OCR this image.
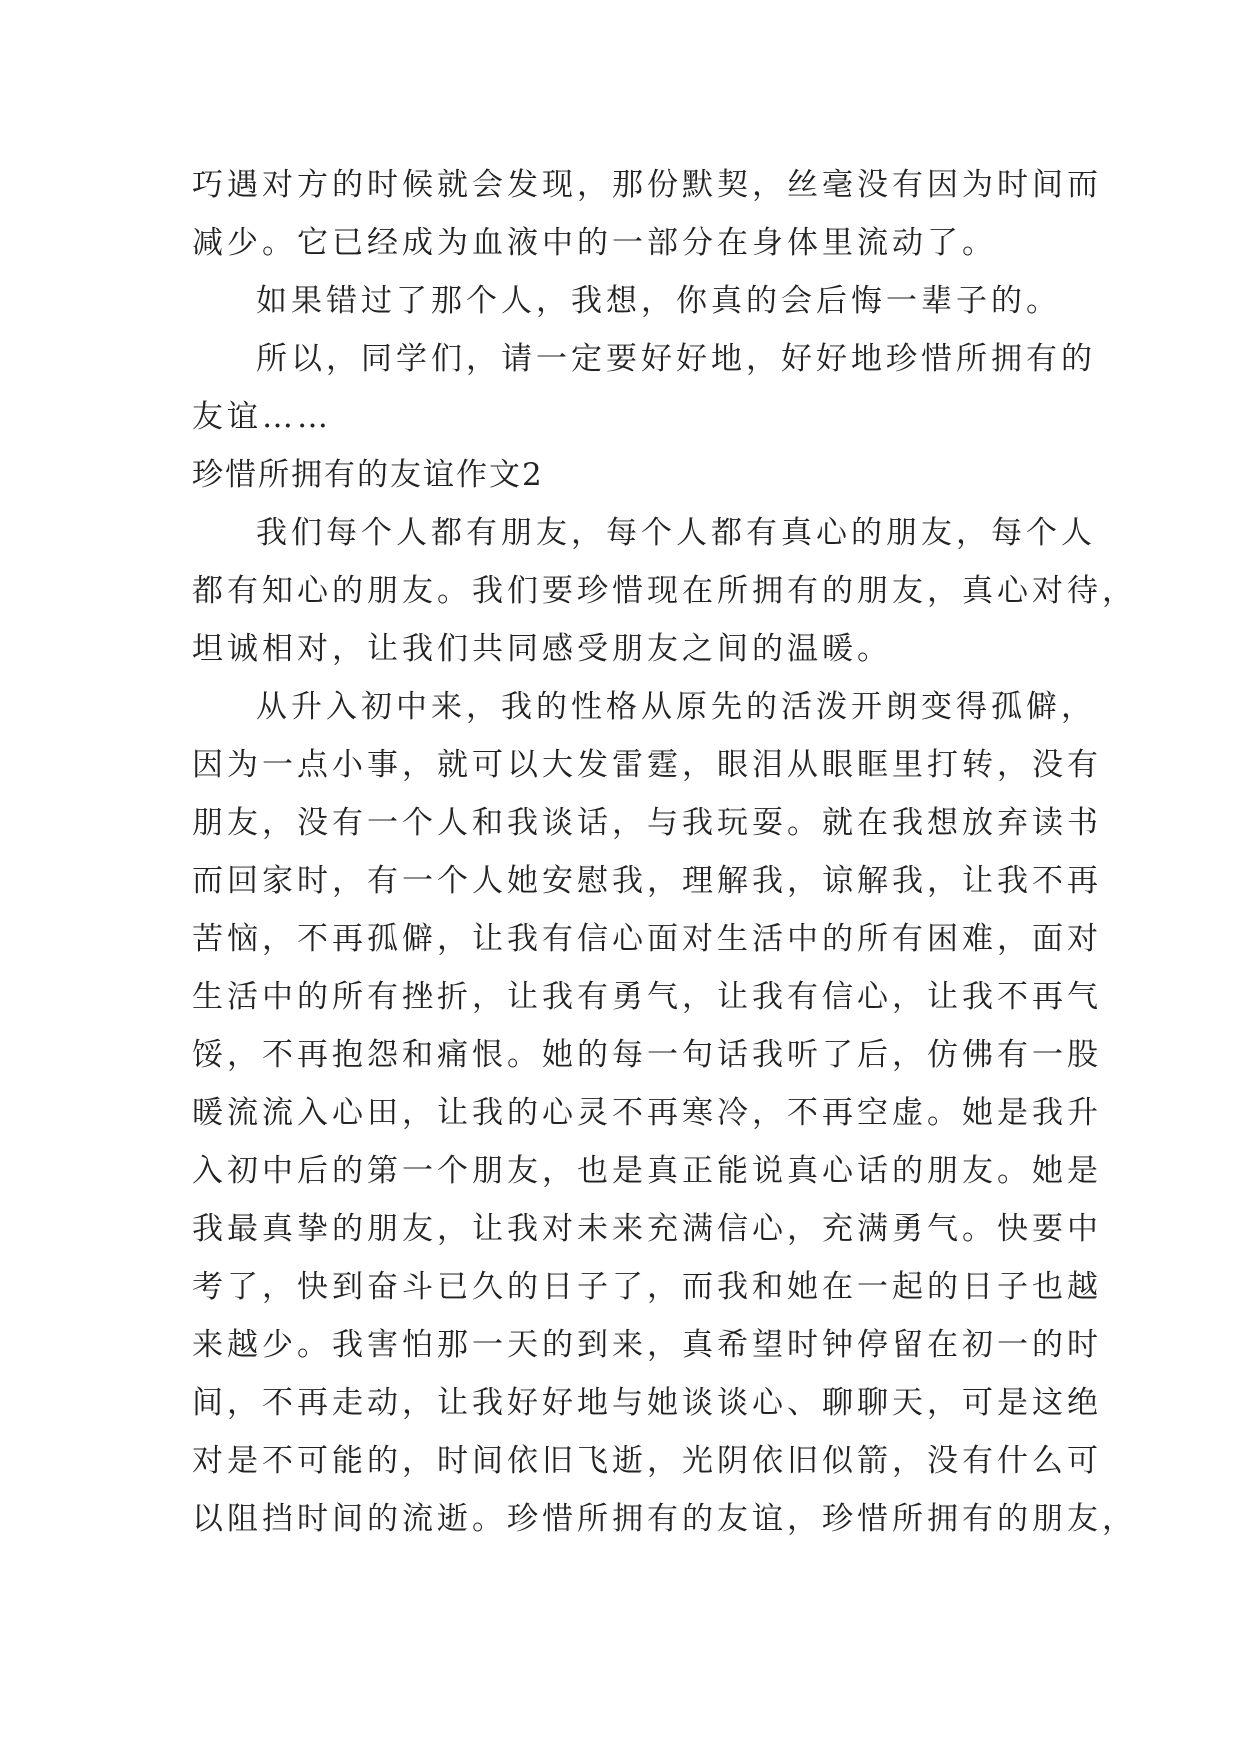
巧遇对方的时候就会发现，那份默契，丝毫没有因为时间而
减少。它已经成为血液中的一部分在身体里流动了。
如果错过了那个人，我想，你真的会后悔一辈子的。
所以，同学们，请一定要好好地，好好地珍惜所拥有的
友谊……
珍惜所拥有的友谊作文2
我们每个人都有朋友，每个人都有真心的朋友，每个人
都有知心的朋友。我们要珍惜现在所拥有的朋友，真心对待，
坦诚相对，让我们共同感受朋友之间的温暖。
从升入初中来，我的性格从原先的活泼开朗变得孤僻，
因为一点小事，就可以大发雷霆，眼泪从眼眶里打转，没有
朋友，没有一个人和我谈话，与我玩耍。就在我想放弃读书
而回家时，有一个人她安慰我，理解我，谅解我，让我不再
苦恼，不再孤僻，让我有信心面对生活中的所有困难，面对
生活中的所有挫折，让我有勇气，让我有信心，让我不再气
馁，不再抱怨和痛恨。她的每一句话我听了后，仿佛有一股
暖流流入心田，让我的心灵不再寒冷，不再空虚。她是我升
入初中后的第一个朋友，也是真正能说真心话的朋友。她是
我最真挚的朋友，让我对未来充满信心，充满勇气。快要中
考了，快到奋斗已久的日子了，而我和她在一起的日子也越
来越少。我害怕那一天的到来，真希望时钟停留在初一的时
间，不再走动，让我好好地与她谈谈心、聊聊天，可是这绝
对是不可能的，时间依旧飞逝，光阴依旧似箭，没有什么可
以阻挡时间的流逝。珍惜所拥有的友谊，珍惜所拥有的朋友，
